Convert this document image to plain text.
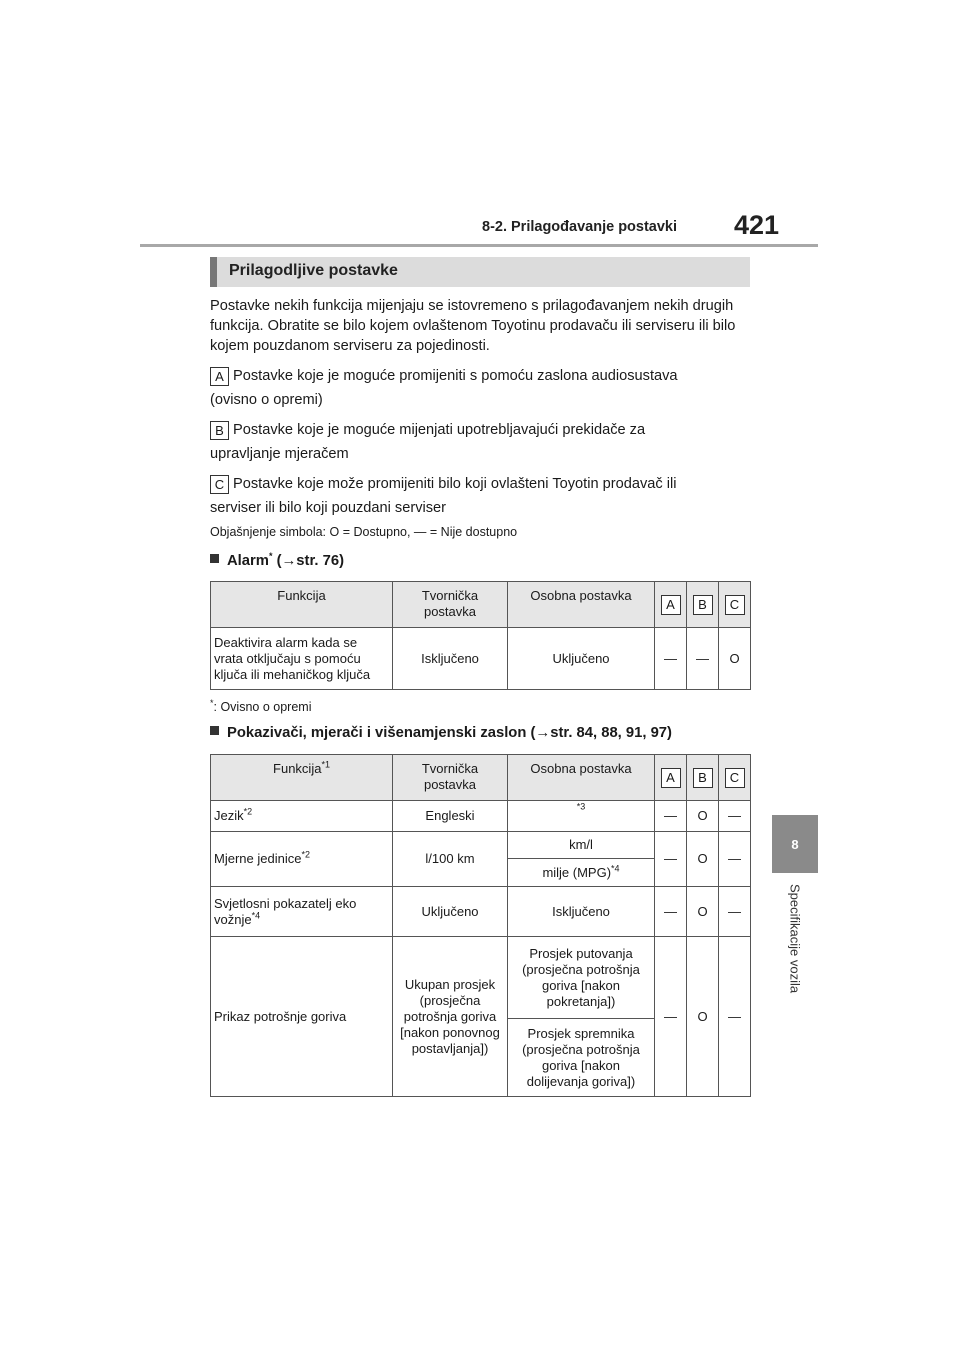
8-2. Prilagođavanje postavki 421
8
Specifikacije vozila
Prilagodljive postavke
Postavke nekih funkcija mijenjaju se istovremeno s prilagođavanjem nekih drugih funkcija. Obratite se bilo kojem ovlaštenom Toyotinu prodavaču ili serviseru ili bilo kojem pouzdanom serviseru za pojedinosti.
A Postavke koje je moguće promijeniti s pomoću zaslona audiosustava
(ovisno o opremi)
B Postavke koje je moguće mijenjati upotrebljavajući prekidače za
upravljanje mjeračem
C Postavke koje može promijeniti bilo koji ovlašteni Toyotin prodavač ili
serviser ili bilo koji pouzdani serviser
Objašnjenje simbola: O = Dostupno, — = Nije dostupno
Alarm* (→str. 76)
Funkcija	Tvornička postavka	Osobna postavka	A	B	C
Deaktivira alarm kada se vrata otključaju s pomoću ključa ili mehaničkog ključa	Isključeno	Uključeno	—	—	O
*: Ovisno o opremi
Pokazivači, mjerači i višenamjenski zaslon (→str. 84, 88, 91, 97)
Funkcija$^{*1}$	Tvornička postavka	Osobna postavka	A	B	C
Jezik$^{*2}$	Engleski	$^{*3}$	—	O	—
Mjerne jedinice$^{*2}$	l/100 km	km/l	—	O	—
		milje (MPG)$^{*4}$
Svjetlosni pokazatelj eko vožnje$^{*4}$	Uključeno	Isključeno	—	O	—
Prikaz potrošnje goriva	Ukupan prosjek (prosječna potrošnja goriva [nakon ponovnog postavljanja])	Prosjek putovanja (prosječna potrošnja goriva [nakon pokretanja])	—	O	—
		Prosjek spremnika (prosječna potrošnja goriva [nakon dolijevanja goriva])			
